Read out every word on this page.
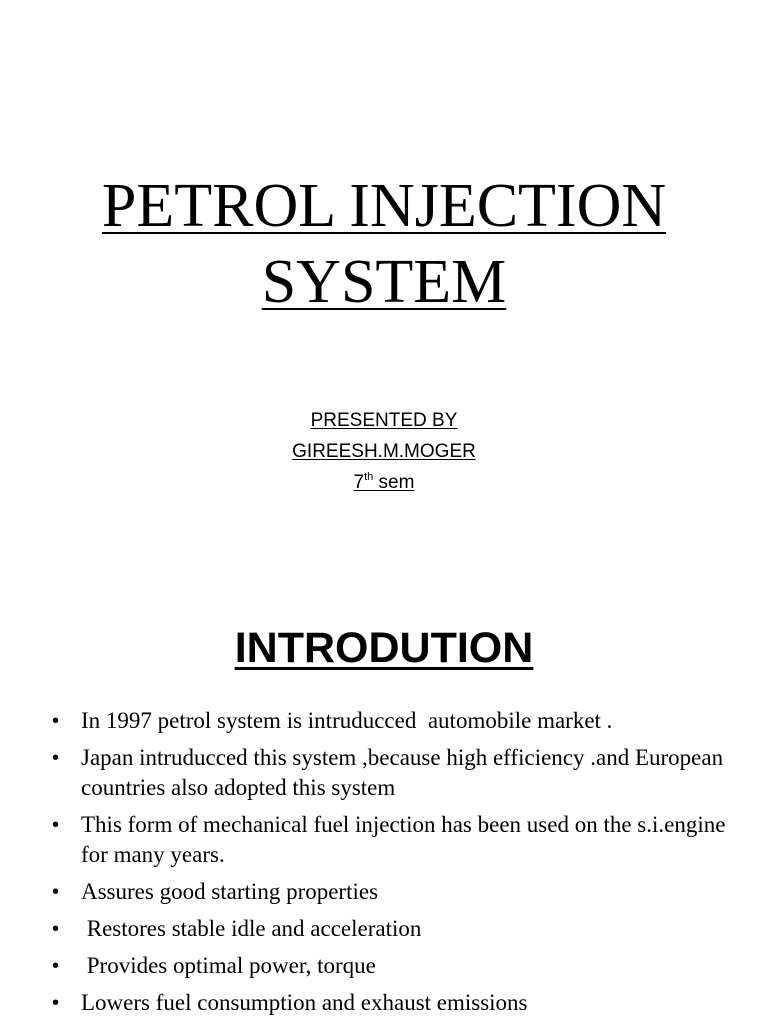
PETROL INJECTION
SYSTEM
PRESENTED BY
GIREESH.M.MOGER
7th sem
INTRODUTION
• In 1997 petrol system is intruducced  automobile market .
• Japan intruducced this system ,because high efficiency .and European countries also adopted this system
• This form of mechanical fuel injection has been used on the s.i.engine for many years.
• Assures good starting properties
• Restores stable idle and acceleration
• Provides optimal power, torque
• Lowers fuel consumption and exhaust emissions
